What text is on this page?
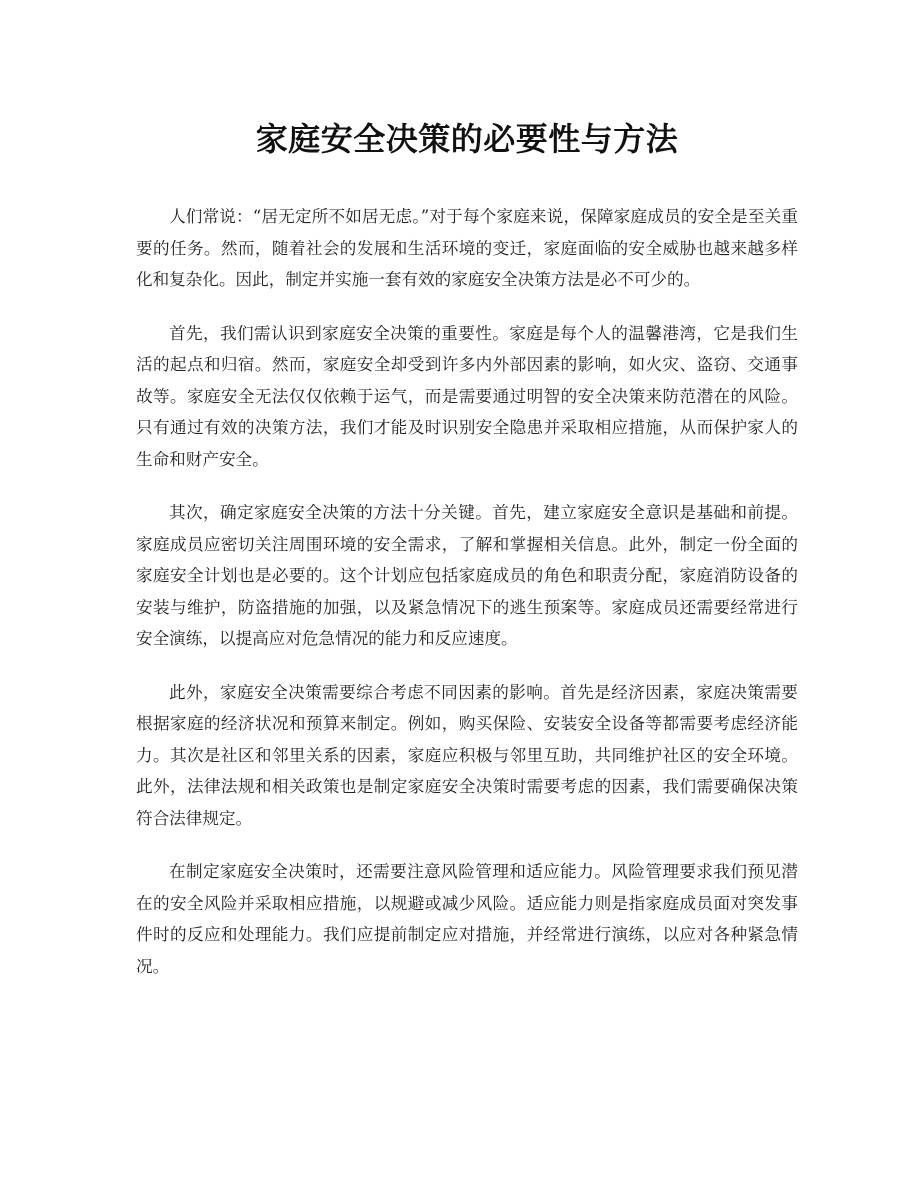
家庭安全决策的必要性与方法

人们常说：“居无定所不如居无虑。”对于每个家庭来说，保障家庭成员的安全是至关重要的任务。然而，随着社会的发展和生活环境的变迁，家庭面临的安全威胁也越来越多样化和复杂化。因此，制定并实施一套有效的家庭安全决策方法是必不可少的。

首先，我们需认识到家庭安全决策的重要性。家庭是每个人的温馨港湾，它是我们生活的起点和归宿。然而，家庭安全却受到许多内外部因素的影响，如火灾、盗窃、交通事故等。家庭安全无法仅仅依赖于运气，而是需要通过明智的安全决策来防范潜在的风险。只有通过有效的决策方法，我们才能及时识别安全隐患并采取相应措施，从而保护家人的生命和财产安全。

其次，确定家庭安全决策的方法十分关键。首先，建立家庭安全意识是基础和前提。家庭成员应密切关注周围环境的安全需求，了解和掌握相关信息。此外，制定一份全面的家庭安全计划也是必要的。这个计划应包括家庭成员的角色和职责分配，家庭消防设备的安装与维护，防盗措施的加强，以及紧急情况下的逃生预案等。家庭成员还需要经常进行安全演练，以提高应对危急情况的能力和反应速度。

此外，家庭安全决策需要综合考虑不同因素的影响。首先是经济因素，家庭决策需要根据家庭的经济状况和预算来制定。例如，购买保险、安装安全设备等都需要考虑经济能力。其次是社区和邻里关系的因素，家庭应积极与邻里互助，共同维护社区的安全环境。此外，法律法规和相关政策也是制定家庭安全决策时需要考虑的因素，我们需要确保决策符合法律规定。

在制定家庭安全决策时，还需要注意风险管理和适应能力。风险管理要求我们预见潜在的安全风险并采取相应措施，以规避或减少风险。适应能力则是指家庭成员面对突发事件时的反应和处理能力。我们应提前制定应对措施，并经常进行演练，以应对各种紧急情况。
